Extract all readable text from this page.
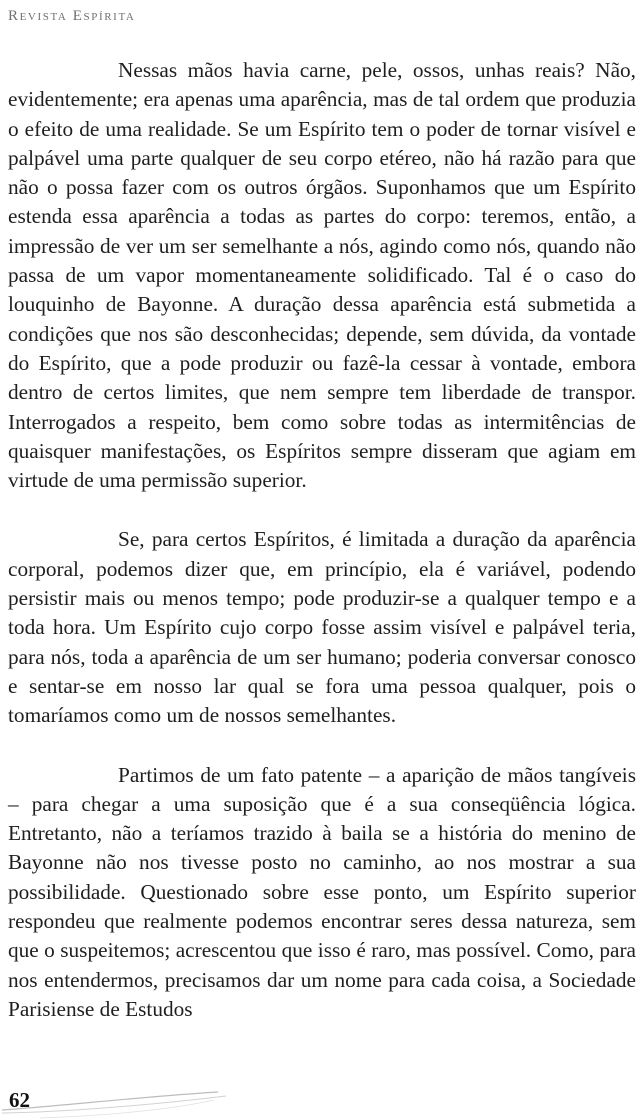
Revista Espírita

Nessas mãos havia carne, pele, ossos, unhas reais? Não, evidentemente; era apenas uma aparência, mas de tal ordem que produzia o efeito de uma realidade. Se um Espírito tem o poder de tornar visível e palpável uma parte qualquer de seu corpo etéreo, não há razão para que não o possa fazer com os outros órgãos. Suponhamos que um Espírito estenda essa aparência a todas as partes do corpo: teremos, então, a impressão de ver um ser semelhante a nós, agindo como nós, quando não passa de um vapor momentaneamente solidificado. Tal é o caso do louquinho de Bayonne. A duração dessa aparência está submetida a condições que nos são desconhecidas; depende, sem dúvida, da vontade do Espírito, que a pode produzir ou fazê-la cessar à vontade, embora dentro de certos limites, que nem sempre tem liberdade de transpor. Interrogados a respeito, bem como sobre todas as intermitências de quaisquer manifestações, os Espíritos sempre disseram que agiam em virtude de uma permissão superior.

Se, para certos Espíritos, é limitada a duração da aparência corporal, podemos dizer que, em princípio, ela é variável, podendo persistir mais ou menos tempo; pode produzir-se a qualquer tempo e a toda hora. Um Espírito cujo corpo fosse assim visível e palpável teria, para nós, toda a aparência de um ser humano; poderia conversar conosco e sentar-se em nosso lar qual se fora uma pessoa qualquer, pois o tomaríamos como um de nossos semelhantes.

Partimos de um fato patente – a aparição de mãos tangíveis – para chegar a uma suposição que é a sua conseqüência lógica. Entretanto, não a teríamos trazido à baila se a história do menino de Bayonne não nos tivesse posto no caminho, ao nos mostrar a sua possibilidade. Questionado sobre esse ponto, um Espírito superior respondeu que realmente podemos encontrar seres dessa natureza, sem que o suspeitemos; acrescentou que isso é raro, mas possível. Como, para nos entendermos, precisamos dar um nome para cada coisa, a Sociedade Parisiense de Estudos

62
